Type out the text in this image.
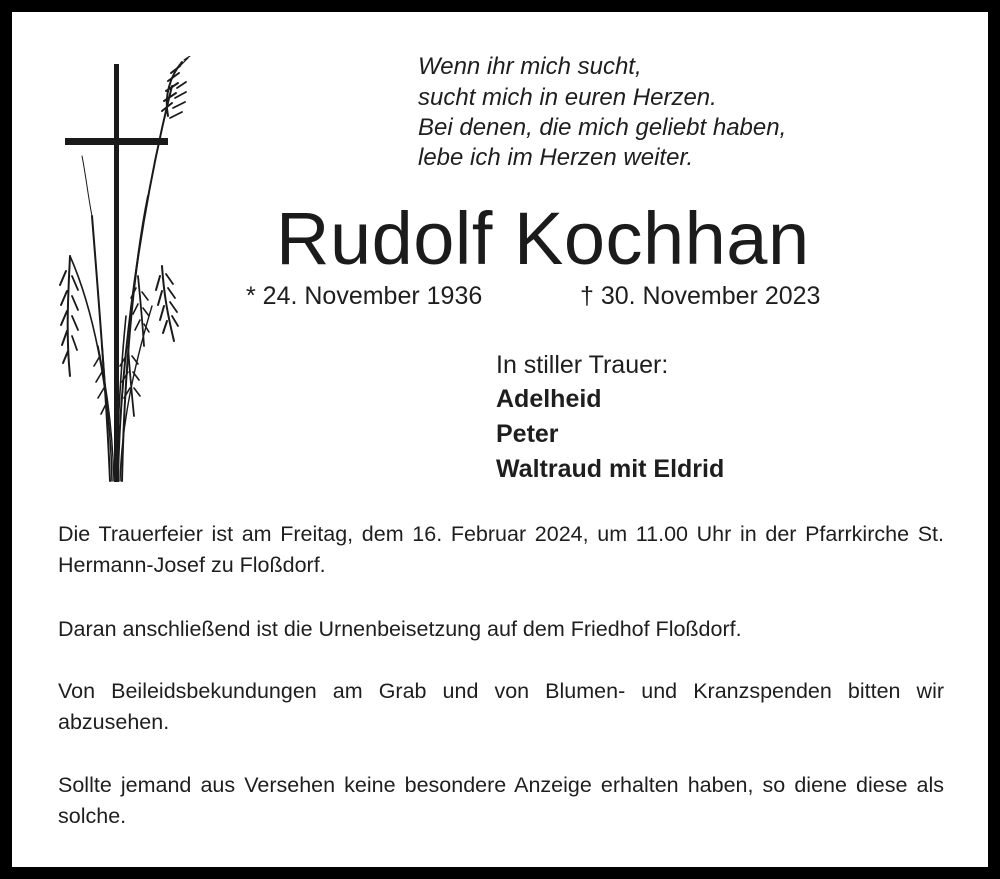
Wenn ihr mich sucht,
sucht mich in euren Herzen.
Bei denen, die mich geliebt haben,
lebe ich im Herzen weiter.
Rudolf Kochhan
* 24. November 1936	† 30. November 2023
In stiller Trauer:
Adelheid
Peter
Waltraud mit Eldrid
Die Trauerfeier ist am Freitag, dem 16. Februar 2024, um 11.00 Uhr in der Pfarrkirche St. Hermann-Josef zu Floßdorf.
Daran anschließend ist die Urnenbeisetzung auf dem Friedhof Floßdorf.
Von Beileidsbekundungen am Grab und von Blumen- und Kranzspenden bitten wir abzusehen.
Sollte jemand aus Versehen keine besondere Anzeige erhalten haben, so diene diese als solche.
